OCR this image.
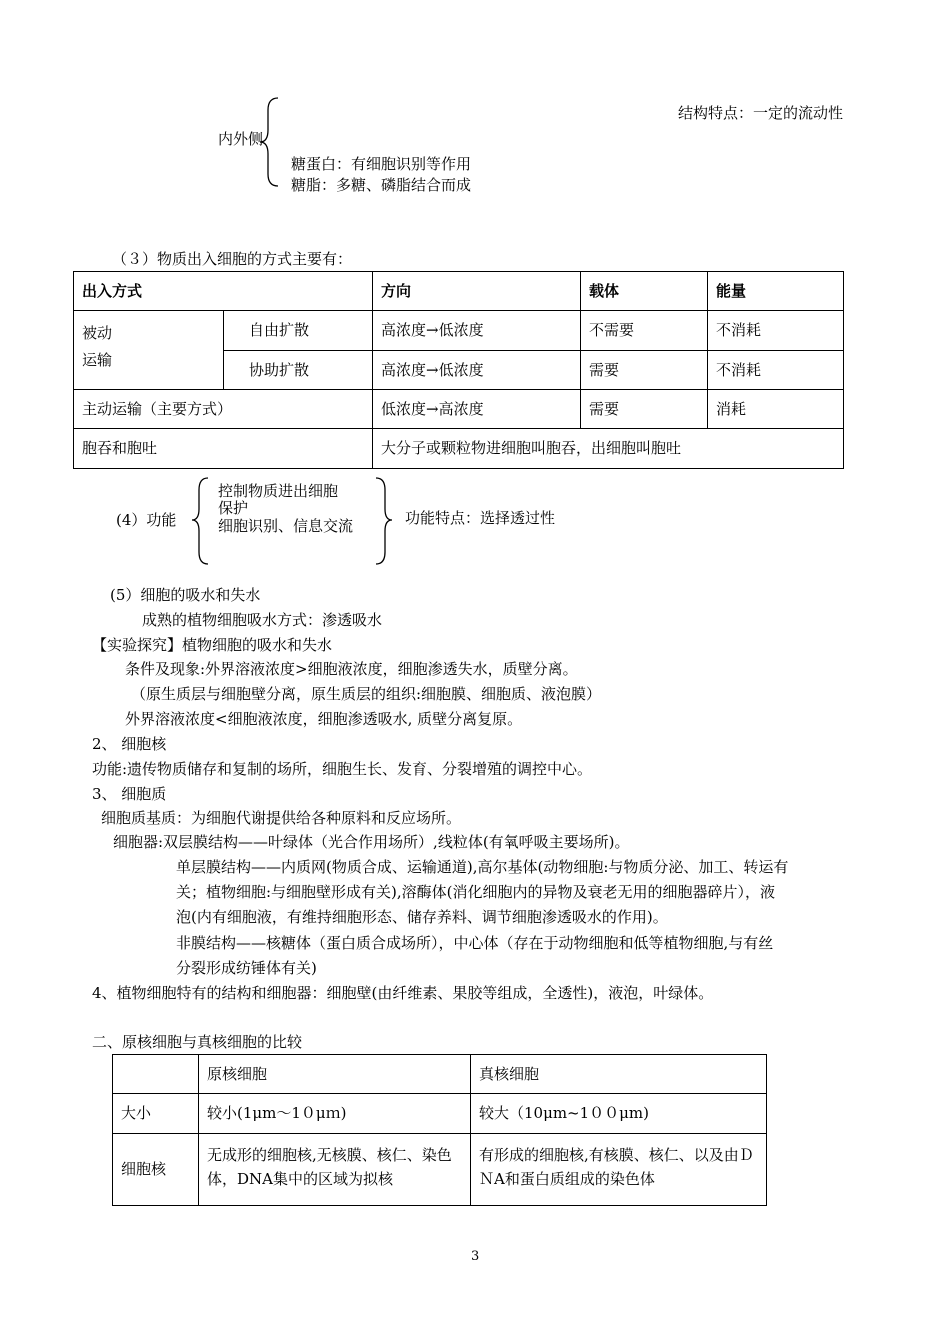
内外侧
糖蛋白：有细胞识别等作用
糖脂：多糖、磷脂结合而成
结构特点：一定的流动性
（３）物质出入细胞的方式主要有：
出入方式		方向	载体	能量

被动
运输	自由扩散	高浓度→低浓度	不需要	不消耗
	协助扩散	高浓度→低浓度	需要	不消耗
主动运输（主要方式）		低浓度→高浓度	需要	消耗
胞吞和胞吐		大分子或颗粒物进细胞叫胞吞，出细胞叫胞吐		
(4）功能
控制物质进出细胞
保护
细胞识别、信息交流	功能特点：选择透过性
(5）细胞的吸水和失水
成熟的植物细胞吸水方式：渗透吸水
【实验探究】植物细胞的吸水和失水
条件及现象:外界溶液浓度>细胞液浓度，细胞渗透失水，质壁分离。
（原生质层与细胞壁分离，原生质层的组织:细胞膜、细胞质、液泡膜）
外界溶液浓度<细胞液浓度，细胞渗透吸水, 质壁分离复原。
2、 细胞核
功能:遗传物质储存和复制的场所，细胞生长、发育、分裂增殖的调控中心。
3、 细胞质
细胞质基质：为细胞代谢提供给各种原料和反应场所。
细胞器:双层膜结构——叶绿体（光合作用场所）,线粒体(有氧呼吸主要场所)。
单层膜结构——内质网(物质合成、运输通道),高尔基体(动物细胞:与物质分泌、加工、转运有
关；植物细胞:与细胞壁形成有关),溶酶体(消化细胞内的异物及衰老无用的细胞器碎片），液
泡(内有细胞液，有维持细胞形态、储存养料、调节细胞渗透吸水的作用)。
非膜结构——核糖体（蛋白质合成场所），中心体（存在于动物细胞和低等植物细胞,与有丝
分裂形成纺锤体有关)
4、植物细胞特有的结构和细胞器：细胞壁(由纤维素、果胶等组成，全透性)，液泡，叶绿体。
二、原核细胞与真核细胞的比较
	原核细胞	真核细胞
大小	较小(1μm～1０μｍ)	较大（10μm~1００μm)
细胞核	无成形的细胞核,无核膜、核仁、染色体，DNA集中的区域为拟核	有形成的细胞核,有核膜、核仁、以及由ＤＮA和蛋白质组成的染色体
3
